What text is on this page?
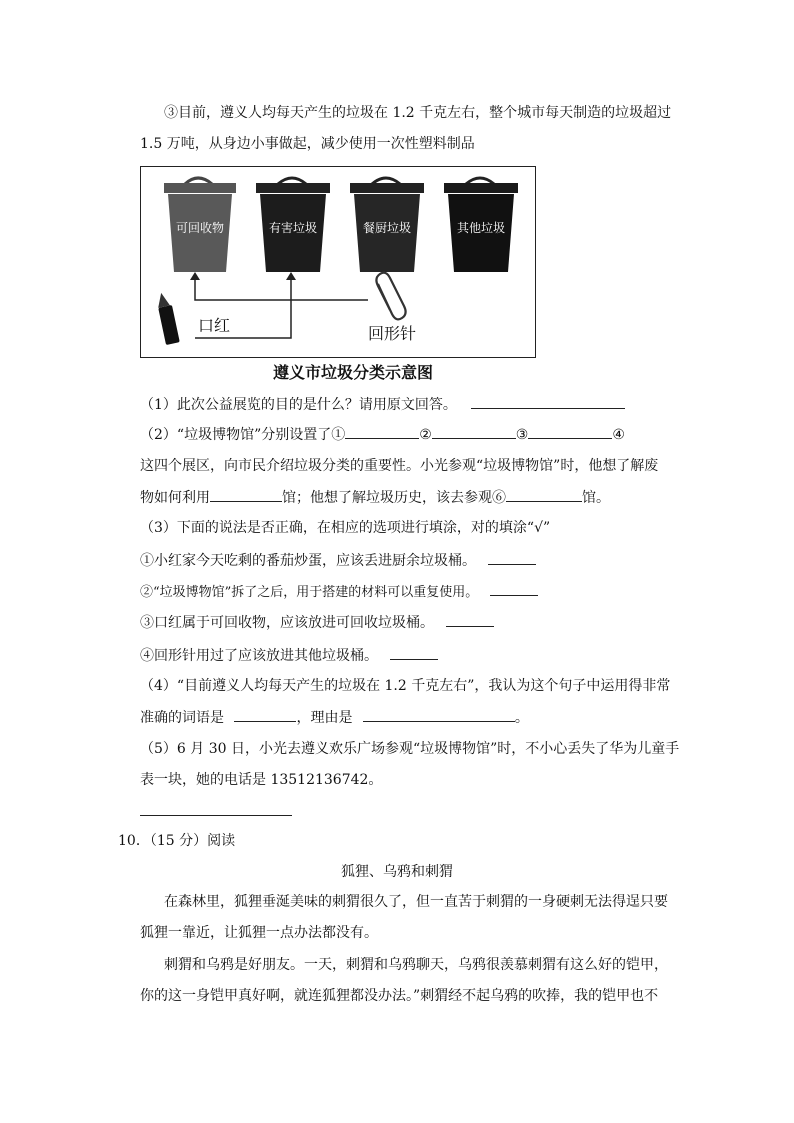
③目前，遵义人均每天产生的垃圾在 1.2 千克左右，整个城市每天制造的垃圾超过
1.5 万吨，从身边小事做起，减少使用一次性塑料制品
可回收物	有害垃圾	餐厨垃圾	其他垃圾
口红	回形针
遵义市垃圾分类示意图
（1）此次公益展览的目的是什么？请用原文回答。
（2）“垃圾博物馆”分别设置了①	②	③	④
这四个展区，向市民介绍垃圾分类的重要性。小光参观“垃圾博物馆”时，他想了解废
物如何利用	馆；他想了解垃圾历史，该去参观⑥	馆。
（3）下面的说法是否正确，在相应的选项进行填涂，对的填涂“√”
①小红家今天吃剩的番茄炒蛋，应该丢进厨余垃圾桶。
②“垃圾博物馆”拆了之后，用于搭建的材料可以重复使用。
③口红属于可回收物，应该放进可回收垃圾桶。
④回形针用过了应该放进其他垃圾桶。
（4）“目前遵义人均每天产生的垃圾在 1.2 千克左右”，我认为这个句子中运用得非常
准确的词语是	，理由是	。
（5）6 月 30 日，小光去遵义欢乐广场参观“垃圾博物馆”时，不小心丢失了华为儿童手
表一块，她的电话是 13512136742。
10．（15 分）阅读
狐狸、乌鸦和刺猬
在森林里，狐狸垂涎美味的刺猬很久了，但一直苦于刺猬的一身硬刺无法得逞只要
狐狸一靠近，让狐狸一点办法都没有。
刺猬和乌鸦是好朋友。一天，刺猬和乌鸦聊天，乌鸦很羡慕刺猬有这么好的铠甲，
你的这一身铠甲真好啊，就连狐狸都没办法。”刺猬经不起乌鸦的吹捧，我的铠甲也不
